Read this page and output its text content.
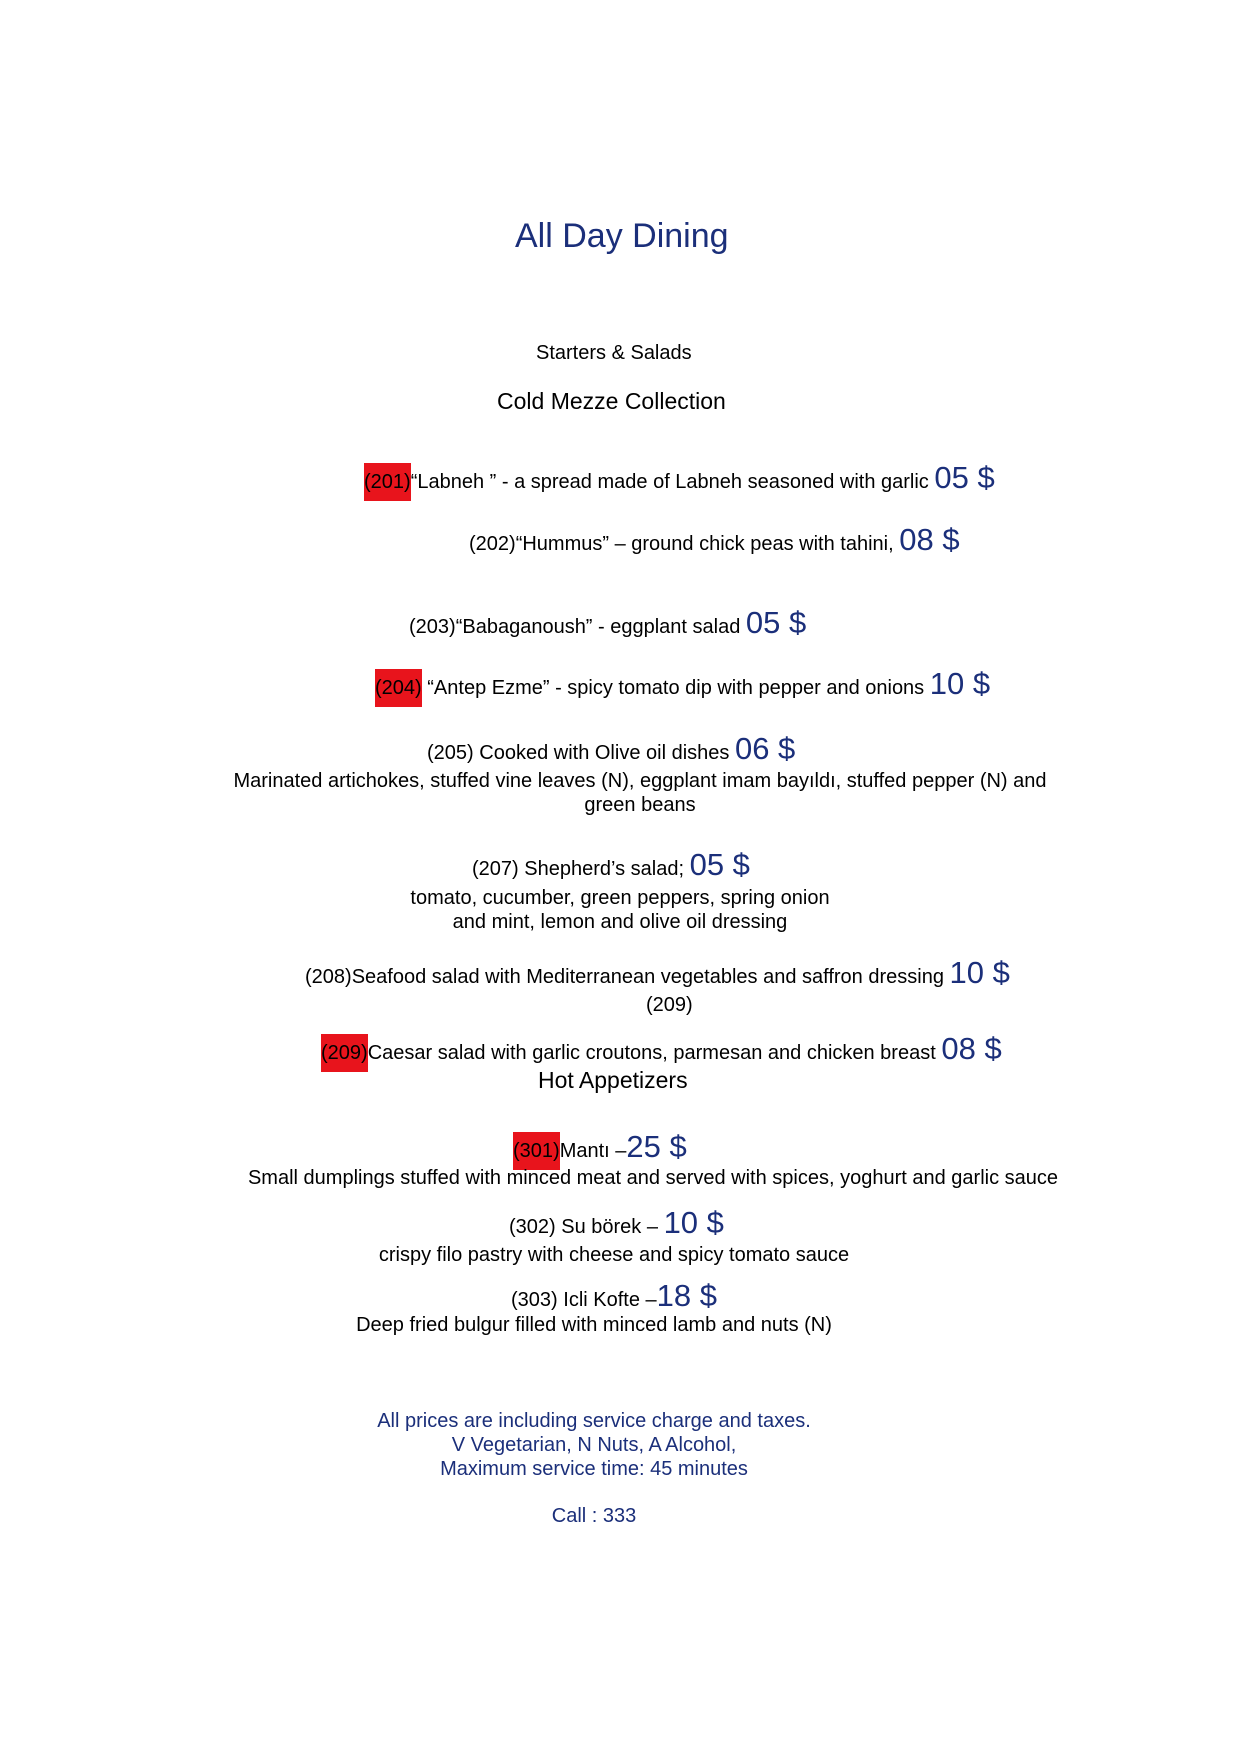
All Day Dining
Starters & Salads
Cold Mezze Collection
(201)“Labneh ” - a spread made of Labneh seasoned with garlic 05 $
(202)“Hummus” – ground chick peas with tahini, 08 $
(203)“Babaganoush” - eggplant salad 05 $
(204) “Antep Ezme” - spicy tomato dip with pepper and onions 10 $
(205) Cooked with Olive oil dishes 06 $
Marinated artichokes, stuffed vine leaves (N), eggplant imam bayıldı, stuffed pepper (N) and
green beans
(207) Shepherd’s salad; 05 $
tomato, cucumber, green peppers, spring onion
and mint, lemon and olive oil dressing
(208)Seafood salad with Mediterranean vegetables and saffron dressing 10 $
(209)
(209)Caesar salad with garlic croutons, parmesan and chicken breast 08 $
Hot Appetizers
(301)Mantı –25 $
Small dumplings stuffed with minced meat and served with spices, yoghurt and garlic sauce
(302) Su börek – 10 $
crispy filo pastry with cheese and spicy tomato sauce
(303) Icli Kofte –18 $
Deep fried bulgur filled with minced lamb and nuts (N)
All prices are including service charge and taxes.
V Vegetarian, N Nuts, A Alcohol,
Maximum service time: 45 minutes
Call : 333
